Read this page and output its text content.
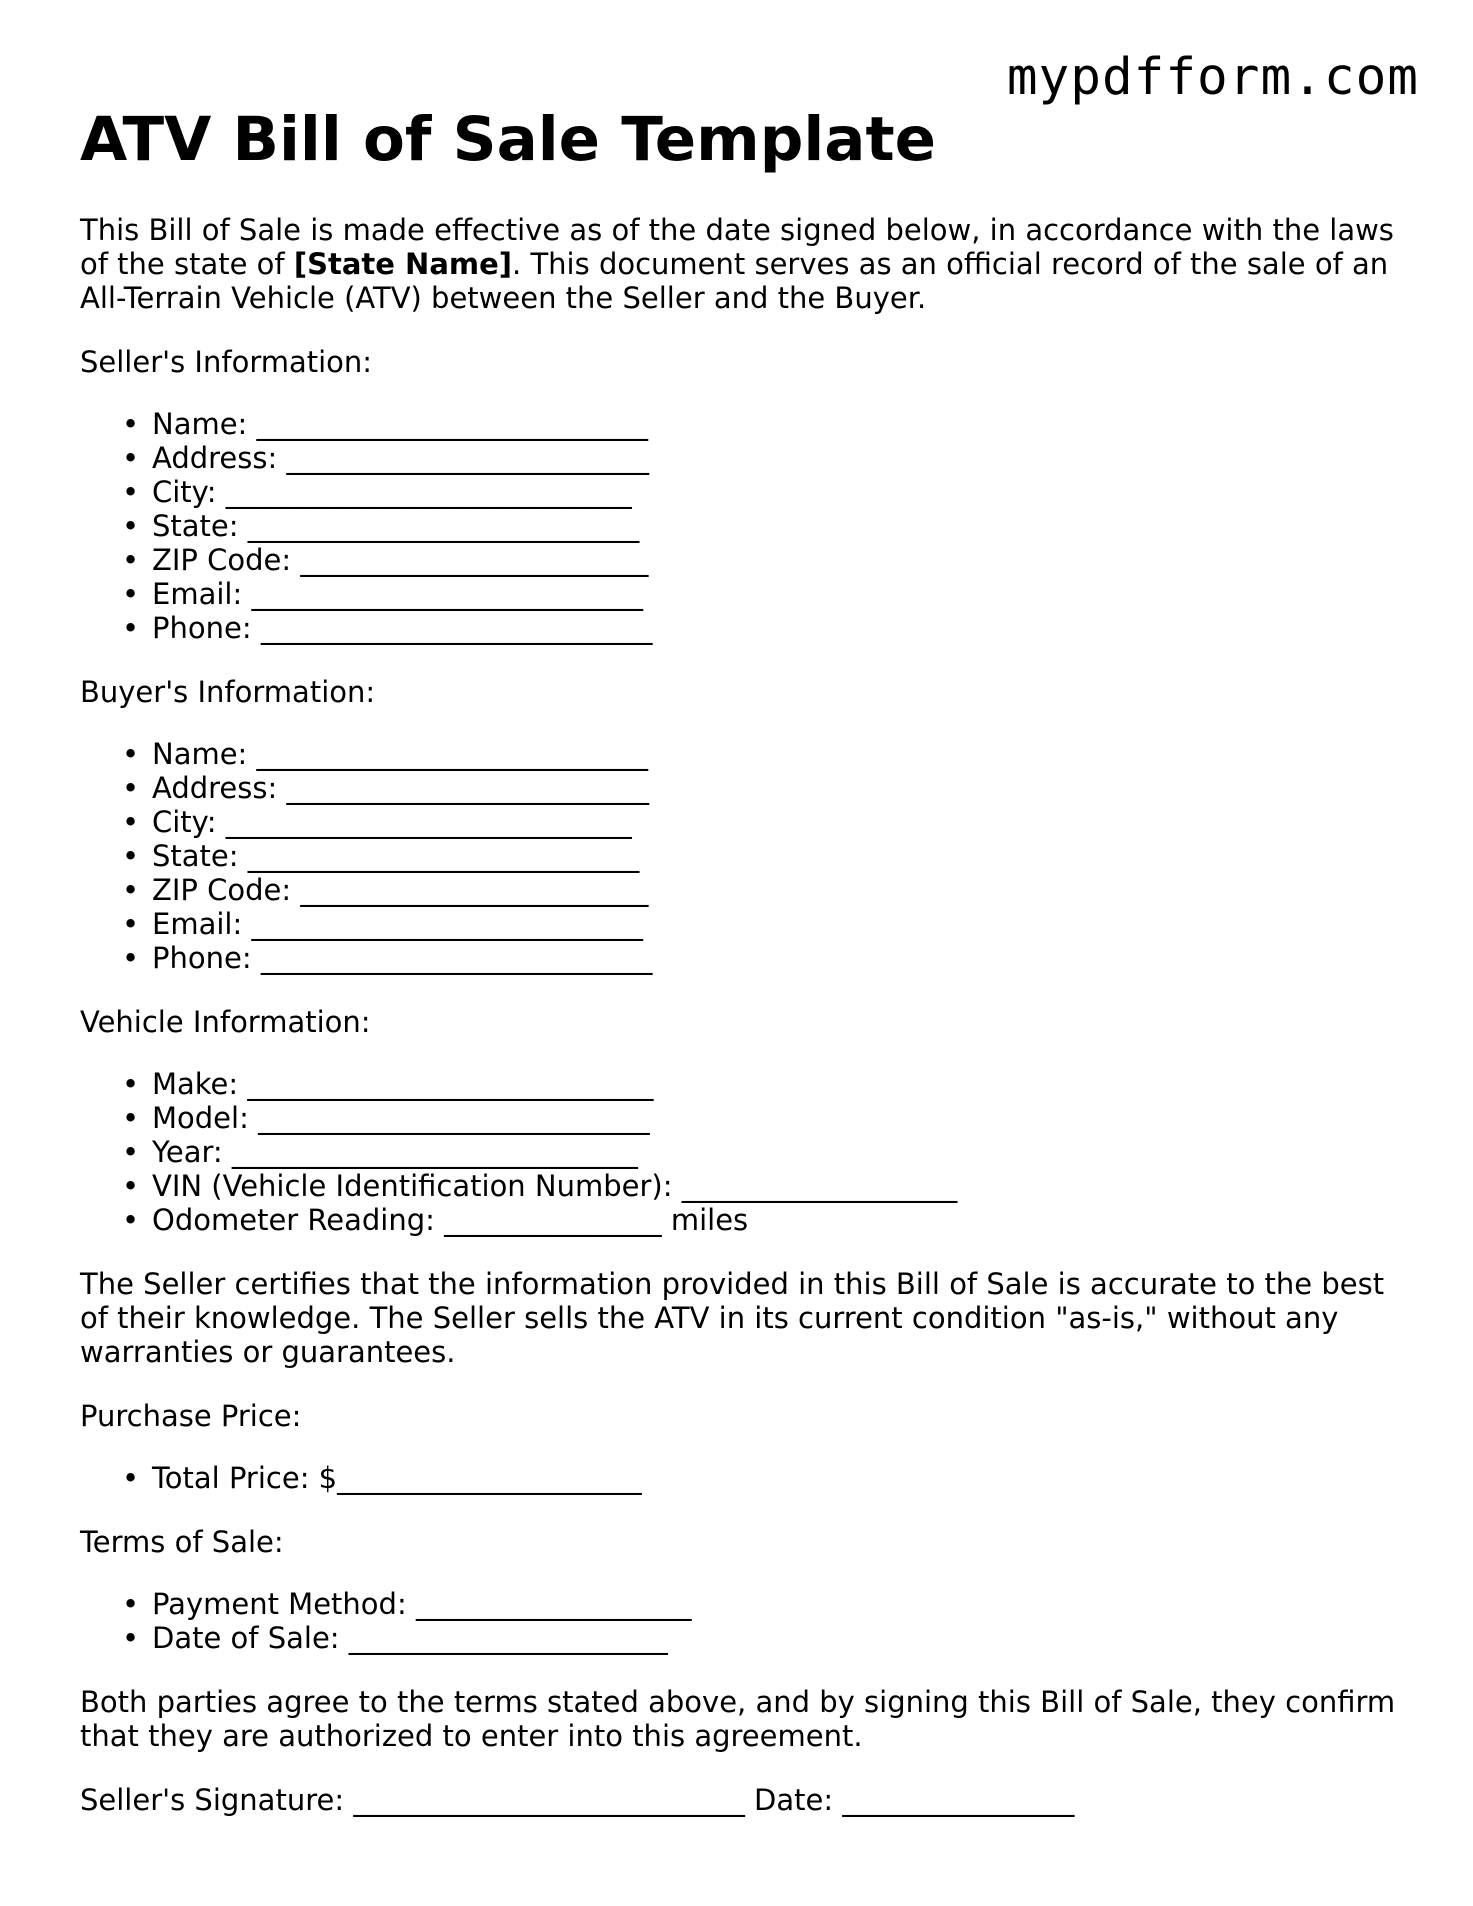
mypdfform.com
ATV Bill of Sale Template

This Bill of Sale is made effective as of the date signed below, in accordance with the laws of the state of [State Name]. This document serves as an official record of the sale of an All-Terrain Vehicle (ATV) between the Seller and the Buyer.

Seller's Information:

• Name: ___________________________
• Address: _________________________
• City: ____________________________
• State: ___________________________
• ZIP Code: ________________________
• Email: ___________________________
• Phone: ___________________________

Buyer's Information:

• Name: ___________________________
• Address: _________________________
• City: ____________________________
• State: ___________________________
• ZIP Code: ________________________
• Email: ___________________________
• Phone: ___________________________

Vehicle Information:

• Make: ____________________________
• Model: ___________________________
• Year: ____________________________
• VIN (Vehicle Identification Number): ___________________
• Odometer Reading: _______________ miles

The Seller certifies that the information provided in this Bill of Sale is accurate to the best of their knowledge. The Seller sells the ATV in its current condition "as-is," without any warranties or guarantees.

Purchase Price:

• Total Price: $_____________________

Terms of Sale:

• Payment Method: ___________________
• Date of Sale: ______________________

Both parties agree to the terms stated above, and by signing this Bill of Sale, they confirm that they are authorized to enter into this agreement.

Seller's Signature: ___________________________ Date: ________________
